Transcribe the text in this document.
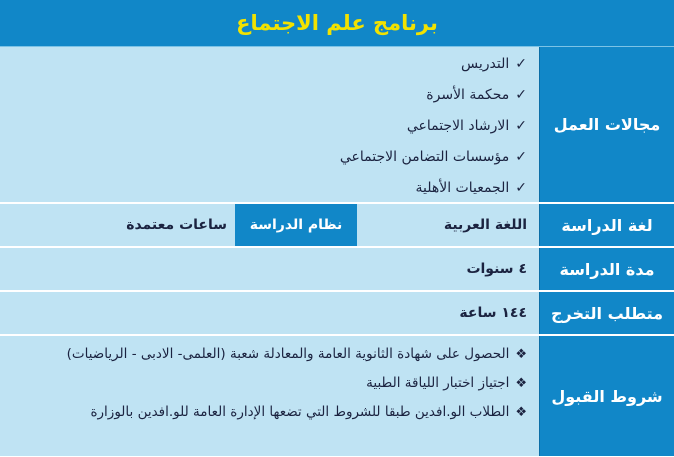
برنامج علم الاجتماع
مجالات العمل
✓
التدريس
✓
محكمة الأسرة
✓
الارشاد الاجتماعي
✓
مؤسسات التضامن الاجتماعي
✓
الجمعيات الأهلية
لغة الدراسة
اللغة العربية
نظام الدراسة
ساعات معتمدة
مدة الدراسة
٤ سنوات
متطلب التخرج
١٤٤ ساعة
شروط القبول
❖
الحصول على شهادة الثانوية العامة والمعادلة شعبة (العلمى- الادبى - الرياضيات)
❖
اجتياز اختبار اللياقة الطبية
❖
الطلاب الو.افدين طبقا للشروط التي تضعها الإدارة العامة للو.افدين بالوزارة
